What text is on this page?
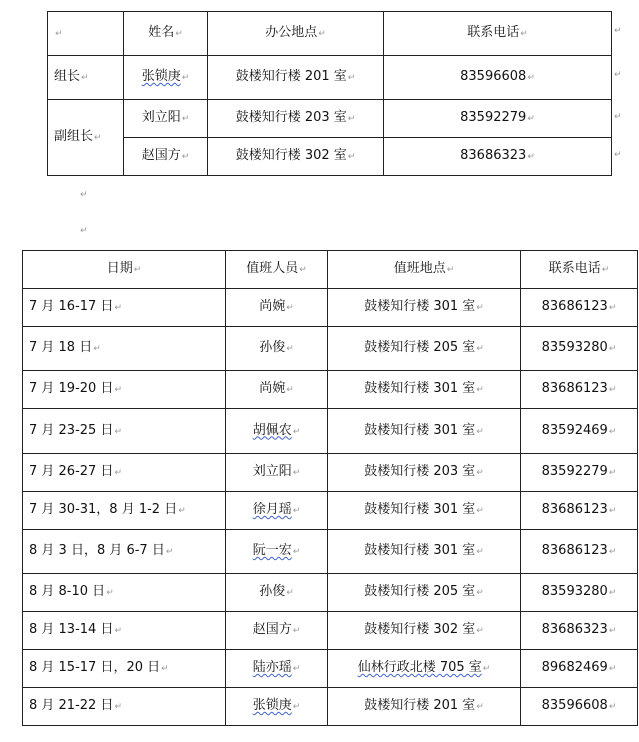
↵	姓名↵	办公地点↵	联系电话↵
组长↵	张锁庚↵	鼓楼知行楼 201 室↵	83596608↵
副组长↵	刘立阳↵	鼓楼知行楼 203 室↵	83592279↵
	赵国方↵	鼓楼知行楼 302 室↵	83686323↵
↵
↵
↵
↵
↵
↵
日期↵	值班人员↵	值班地点↵	联系电话↵
7 月 16-17 日↵	尚婉↵	鼓楼知行楼 301 室↵	83686123↵
7 月 18 日↵	孙俊↵	鼓楼知行楼 205 室↵	83593280↵
7 月 19-20 日↵	尚婉↵	鼓楼知行楼 301 室↵	83686123↵
7 月 23-25 日↵	胡佩农↵	鼓楼知行楼 301 室↵	83592469↵
7 月 26-27 日↵	刘立阳↵	鼓楼知行楼 203 室↵	83592279↵
7 月 30-31，8 月 1-2 日↵	徐月瑶↵	鼓楼知行楼 301 室↵	83686123↵
8 月 3 日，8 月 6-7 日↵	阮一宏↵	鼓楼知行楼 301 室↵	83686123↵
8 月 8-10 日↵	孙俊↵	鼓楼知行楼 205 室↵	83593280↵
8 月 13-14 日↵	赵国方↵	鼓楼知行楼 302 室↵	83686323↵
8 月 15-17 日，20 日↵	陆亦瑶↵	仙林行政北楼 705 室↵	89682469↵
8 月 21-22 日↵	张锁庚↵	鼓楼知行楼 201 室↵	83596608↵
